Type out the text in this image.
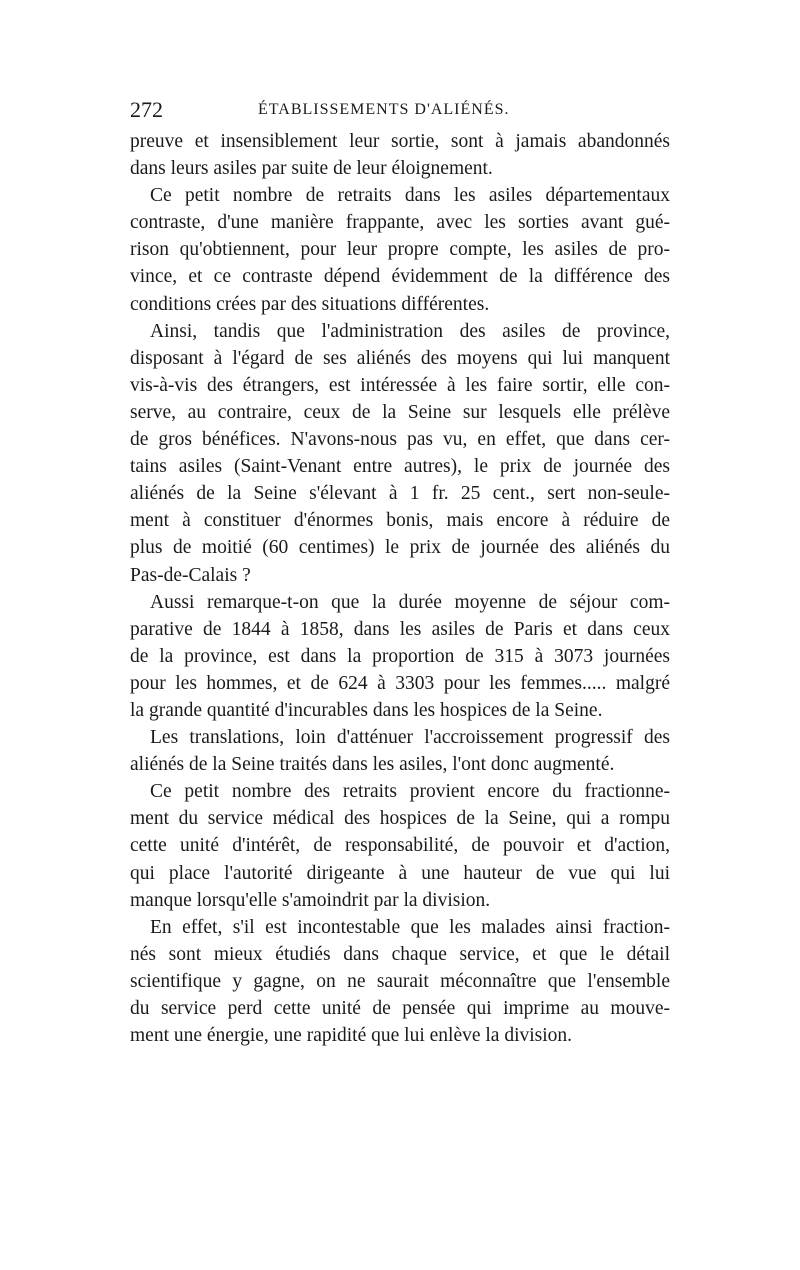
272	ÉTABLISSEMENTS D'ALIÉNÉS.
preuve et insensiblement leur sortie, sont à jamais abandonnés
dans leurs asiles par suite de leur éloignement.
Ce petit nombre de retraits dans les asiles départementaux
contraste, d'une manière frappante, avec les sorties avant gué-
rison qu'obtiennent, pour leur propre compte, les asiles de pro-
vince, et ce contraste dépend évidemment de la différence des
conditions crées par des situations différentes.
Ainsi, tandis que l'administration des asiles de province,
disposant à l'égard de ses aliénés des moyens qui lui manquent
vis-à-vis des étrangers, est intéressée à les faire sortir, elle con-
serve, au contraire, ceux de la Seine sur lesquels elle prélève
de gros bénéfices. N'avons-nous pas vu, en effet, que dans cer-
tains asiles (Saint-Venant entre autres), le prix de journée des
aliénés de la Seine s'élevant à 1 fr. 25 cent., sert non-seule-
ment à constituer d'énormes bonis, mais encore à réduire de
plus de moitié (60 centimes) le prix de journée des aliénés du
Pas-de-Calais ?
Aussi remarque-t-on que la durée moyenne de séjour com-
parative de 1844 à 1858, dans les asiles de Paris et dans ceux
de la province, est dans la proportion de 315 à 3073 journées
pour les hommes, et de 624 à 3303 pour les femmes..... malgré
la grande quantité d'incurables dans les hospices de la Seine.
Les translations, loin d'atténuer l'accroissement progressif des
aliénés de la Seine traités dans les asiles, l'ont donc augmenté.
Ce petit nombre des retraits provient encore du fractionne-
ment du service médical des hospices de la Seine, qui a rompu
cette unité d'intérêt, de responsabilité, de pouvoir et d'action,
qui place l'autorité dirigeante à une hauteur de vue qui lui
manque lorsqu'elle s'amoindrit par la division.
En effet, s'il est incontestable que les malades ainsi fraction-
nés sont mieux étudiés dans chaque service, et que le détail
scientifique y gagne, on ne saurait méconnaître que l'ensemble
du service perd cette unité de pensée qui imprime au mouve-
ment une énergie, une rapidité que lui enlève la division.
